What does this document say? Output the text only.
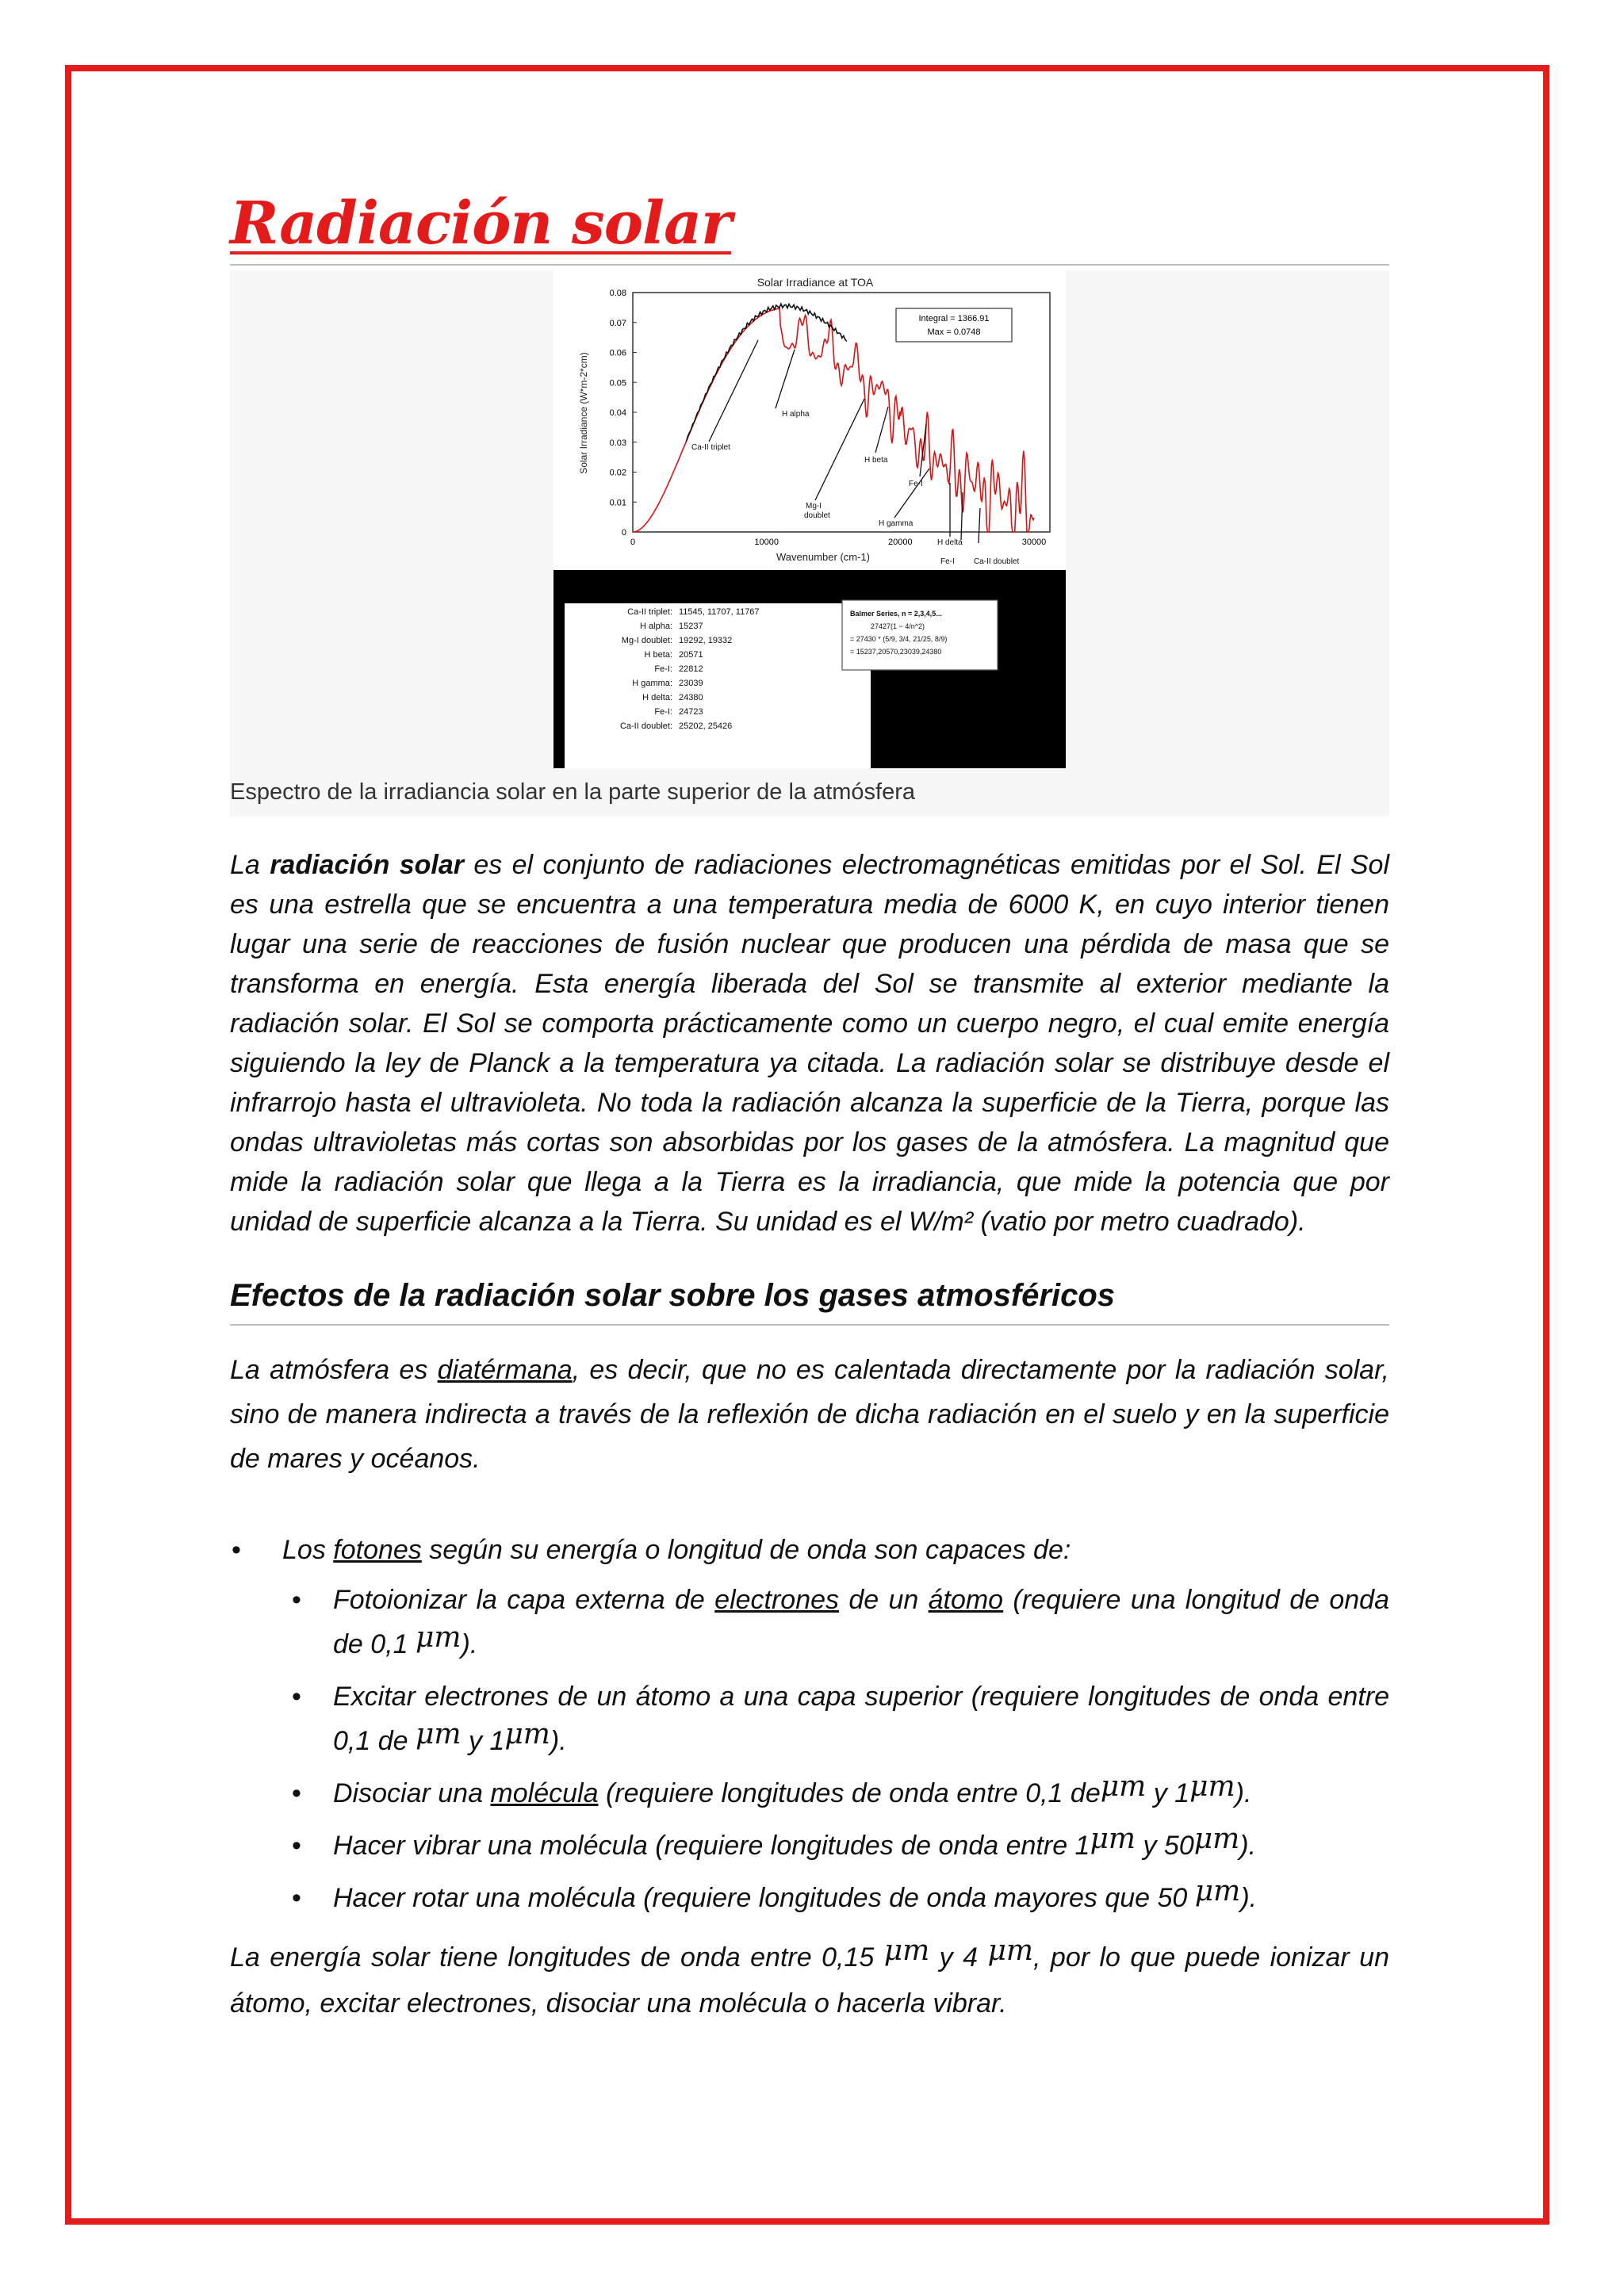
Radiación solar
Solar Irradiance at TOA
0.08
0.07
0.06
0.05
0.04
0.03
0.02
0.01
0
0	10000	20000	30000
Wavenumber (cm-1)
Solar Irradiance (W*m-2*cm)
Integral = 1366.91
Max = 0.0748
Ca-II triplet
H alpha
Mg-I
doublet
H beta
Fe-I
H gamma
H delta
Fe-I Ca-II doublet
Ca-II triplet: 11545, 11707, 11767
H alpha: 15237
Mg-I doublet: 19292, 19332
H beta: 20571
Fe-I: 22812
H gamma: 23039
H delta: 24380
Fe-I: 24723
Ca-II doublet: 25202, 25426
Balmer Series, n = 2,3,4,5...
27427(1 − 4/n^2)
= 27430 * (5/9, 3/4, 21/25, 8/9)
= 15237,20570,23039,24380

Espectro de la irradiancia solar en la parte superior de la atmósfera

La radiación solar es el conjunto de radiaciones electromagnéticas emitidas por el Sol. El Sol es una estrella que se encuentra a una temperatura media de 6000 K, en cuyo interior tienen lugar una serie de reacciones de fusión nuclear que producen una pérdida de masa que se transforma en energía. Esta energía liberada del Sol se transmite al exterior mediante la radiación solar. El Sol se comporta prácticamente como un cuerpo negro, el cual emite energía siguiendo la ley de Planck a la temperatura ya citada. La radiación solar se distribuye desde el infrarrojo hasta el ultravioleta. No toda la radiación alcanza la superficie de la Tierra, porque las ondas ultravioletas más cortas son absorbidas por los gases de la atmósfera. La magnitud que mide la radiación solar que llega a la Tierra es la irradiancia, que mide la potencia que por unidad de superficie alcanza a la Tierra. Su unidad es el W/m² (vatio por metro cuadrado).

Efectos de la radiación solar sobre los gases atmosféricos

La atmósfera es diatérmana, es decir, que no es calentada directamente por la radiación solar, sino de manera indirecta a través de la reflexión de dicha radiación en el suelo y en la superficie de mares y océanos.

• Los fotones según su energía o longitud de onda son capaces de:
• Fotoionizar la capa externa de electrones de un átomo (requiere una longitud de onda de 0,1 μm).
• Excitar electrones de un átomo a una capa superior (requiere longitudes de onda entre 0,1 de μm y 1μm).
• Disociar una molécula (requiere longitudes de onda entre 0,1 deμm y 1μm).
• Hacer vibrar una molécula (requiere longitudes de onda entre 1μm y 50μm).
• Hacer rotar una molécula (requiere longitudes de onda mayores que 50 μm).

La energía solar tiene longitudes de onda entre 0,15 μm y 4 μm, por lo que puede ionizar un átomo, excitar electrones, disociar una molécula o hacerla vibrar.
